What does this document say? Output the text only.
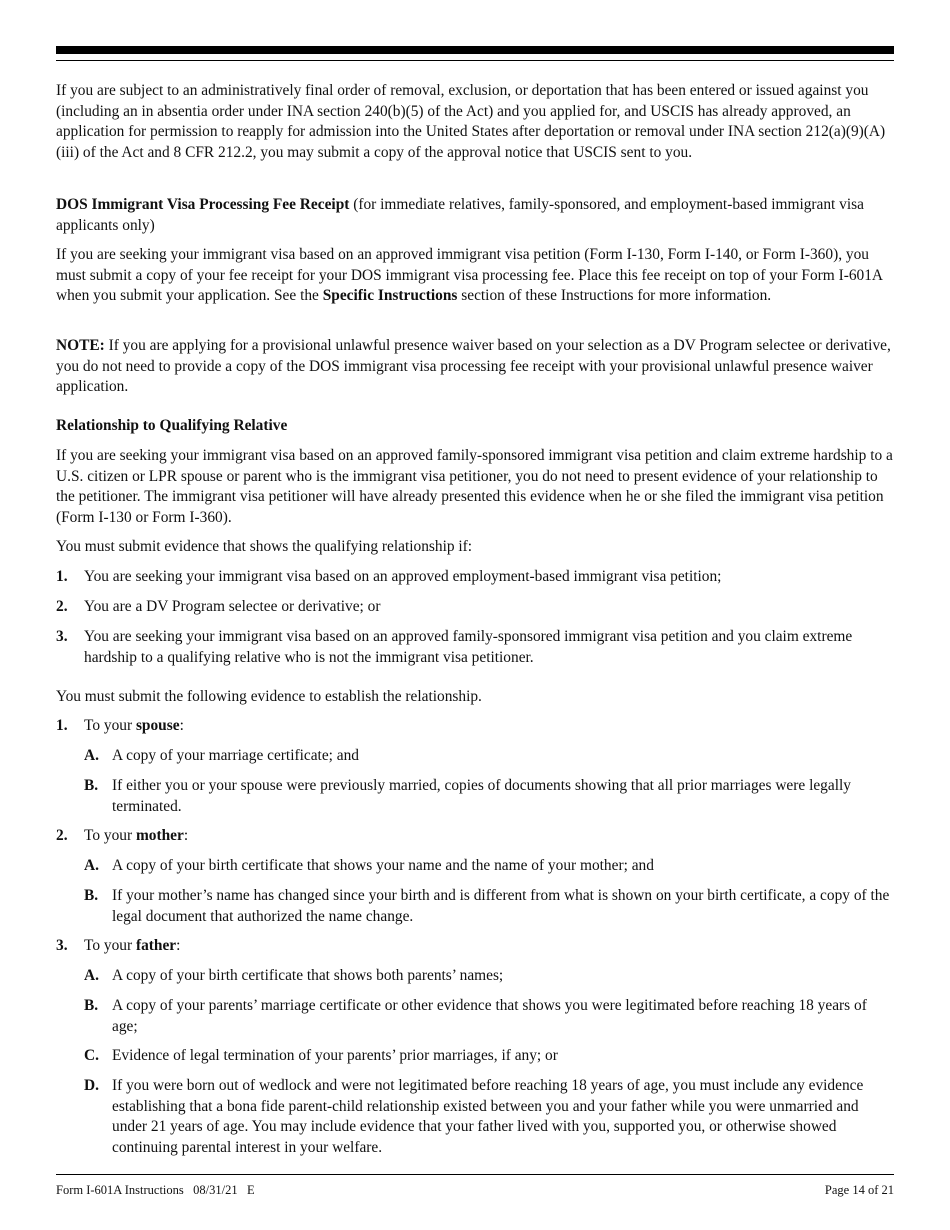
If you are subject to an administratively final order of removal, exclusion, or deportation that has been entered or issued against you (including an in absentia order under INA section 240(b)(5) of the Act) and you applied for, and USCIS has already approved, an application for permission to reapply for admission into the United States after deportation or removal under INA section 212(a)(9)(A)(iii) of the Act and 8 CFR 212.2, you may submit a copy of the approval notice that USCIS sent to you.

DOS Immigrant Visa Processing Fee Receipt (for immediate relatives, family-sponsored, and employment-based immigrant visa applicants only)

If you are seeking your immigrant visa based on an approved immigrant visa petition (Form I-130, Form I-140, or Form I-360), you must submit a copy of your fee receipt for your DOS immigrant visa processing fee. Place this fee receipt on top of your Form I-601A when you submit your application. See the Specific Instructions section of these Instructions for more information.

NOTE: If you are applying for a provisional unlawful presence waiver based on your selection as a DV Program selectee or derivative, you do not need to provide a copy of the DOS immigrant visa processing fee receipt with your provisional unlawful presence waiver application.

Relationship to Qualifying Relative

If you are seeking your immigrant visa based on an approved family-sponsored immigrant visa petition and claim extreme hardship to a U.S. citizen or LPR spouse or parent who is the immigrant visa petitioner, you do not need to present evidence of your relationship to the petitioner. The immigrant visa petitioner will have already presented this evidence when he or she filed the immigrant visa petition (Form I-130 or Form I-360).

You must submit evidence that shows the qualifying relationship if:

1. You are seeking your immigrant visa based on an approved employment-based immigrant visa petition;

2. You are a DV Program selectee or derivative; or

3. You are seeking your immigrant visa based on an approved family-sponsored immigrant visa petition and you claim extreme hardship to a qualifying relative who is not the immigrant visa petitioner.

You must submit the following evidence to establish the relationship.

1. To your spouse:

A. A copy of your marriage certificate; and

B. If either you or your spouse were previously married, copies of documents showing that all prior marriages were legally terminated.

2. To your mother:

A. A copy of your birth certificate that shows your name and the name of your mother; and

B. If your mother’s name has changed since your birth and is different from what is shown on your birth certificate, a copy of the legal document that authorized the name change.

3. To your father:

A. A copy of your birth certificate that shows both parents’ names;

B. A copy of your parents’ marriage certificate or other evidence that shows you were legitimated before reaching 18 years of age;

C. Evidence of legal termination of your parents’ prior marriages, if any; or

D. If you were born out of wedlock and were not legitimated before reaching 18 years of age, you must include any evidence establishing that a bona fide parent-child relationship existed between you and your father while you were unmarried and under 21 years of age. You may include evidence that your father lived with you, supported you, or otherwise showed continuing parental interest in your welfare.

Form I-601A Instructions   08/31/21   E	Page 14 of 21
